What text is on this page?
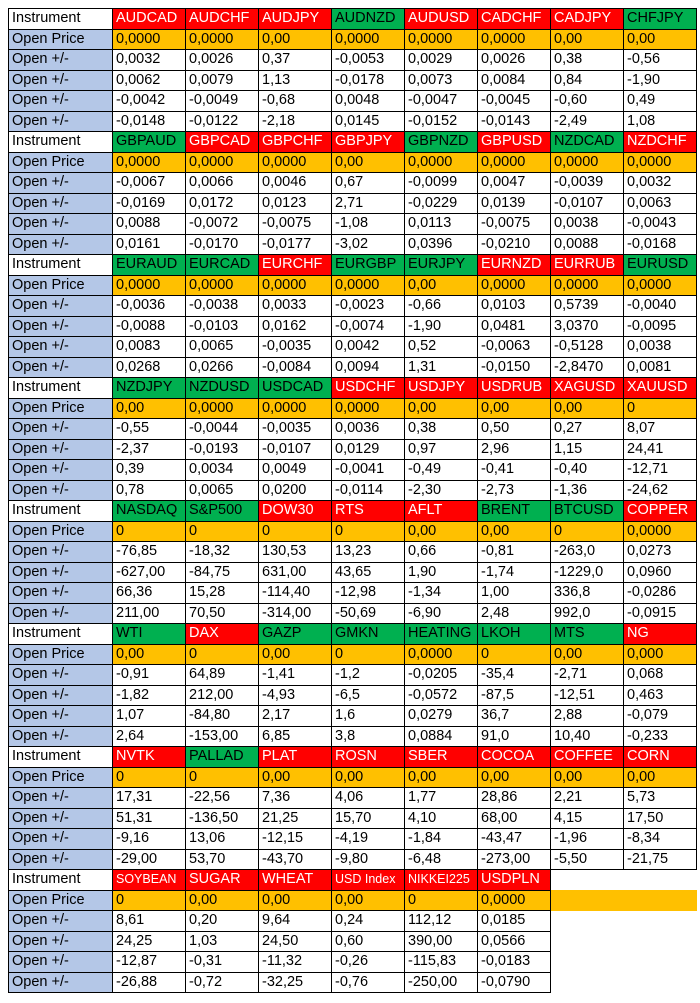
Instrument	AUDCAD	AUDCHF	AUDJPY	AUDNZD	AUDUSD	CADCHF	CADJPY	CHFJPY
Open Price	0,0000	0,0000	0,00	0,0000	0,0000	0,0000	0,00	0,00
Open +/-	0,0032	0,0026	0,37	-0,0053	0,0029	0,0026	0,38	-0,56
Open +/-	0,0062	0,0079	1,13	-0,0178	0,0073	0,0084	0,84	-1,90
Open +/-	-0,0042	-0,0049	-0,68	0,0048	-0,0047	-0,0045	-0,60	0,49
Open +/-	-0,0148	-0,0122	-2,18	0,0145	-0,0152	-0,0143	-2,49	1,08
Instrument	GBPAUD	GBPCAD	GBPCHF	GBPJPY	GBPNZD	GBPUSD	NZDCAD	NZDCHF
Open Price	0,0000	0,0000	0,0000	0,00	0,0000	0,0000	0,0000	0,0000
Open +/-	-0,0067	0,0066	0,0046	0,67	-0,0099	0,0047	-0,0039	0,0032
Open +/-	-0,0169	0,0172	0,0123	2,71	-0,0229	0,0139	-0,0107	0,0063
Open +/-	0,0088	-0,0072	-0,0075	-1,08	0,0113	-0,0075	0,0038	-0,0043
Open +/-	0,0161	-0,0170	-0,0177	-3,02	0,0396	-0,0210	0,0088	-0,0168
Instrument	EURAUD	EURCAD	EURCHF	EURGBP	EURJPY	EURNZD	EURRUB	EURUSD
Open Price	0,0000	0,0000	0,0000	0,0000	0,00	0,0000	0,0000	0,0000
Open +/-	-0,0036	-0,0038	0,0033	-0,0023	-0,66	0,0103	0,5739	-0,0040
Open +/-	-0,0088	-0,0103	0,0162	-0,0074	-1,90	0,0481	3,0370	-0,0095
Open +/-	0,0083	0,0065	-0,0035	0,0042	0,52	-0,0063	-0,5128	0,0038
Open +/-	0,0268	0,0266	-0,0084	0,0094	1,31	-0,0150	-2,8470	0,0081
Instrument	NZDJPY	NZDUSD	USDCAD	USDCHF	USDJPY	USDRUB	XAGUSD	XAUUSD
Open Price	0,00	0,0000	0,0000	0,0000	0,00	0,00	0,00	0
Open +/-	-0,55	-0,0044	-0,0035	0,0036	0,38	0,50	0,27	8,07
Open +/-	-2,37	-0,0193	-0,0107	0,0129	0,97	2,96	1,15	24,41
Open +/-	0,39	0,0034	0,0049	-0,0041	-0,49	-0,41	-0,40	-12,71
Open +/-	0,78	0,0065	0,0200	-0,0114	-2,30	-2,73	-1,36	-24,62
Instrument	NASDAQ	S&P500	DOW30	RTS	AFLT	BRENT	BTCUSD	COPPER
Open Price	0	0	0	0	0,00	0,00	0	0,0000
Open +/-	-76,85	-18,32	130,53	13,23	0,66	-0,81	-263,0	0,0273
Open +/-	-627,00	-84,75	631,00	43,65	1,90	-1,74	-1229,0	0,0960
Open +/-	66,36	15,28	-114,40	-12,98	-1,34	1,00	336,8	-0,0286
Open +/-	211,00	70,50	-314,00	-50,69	-6,90	2,48	992,0	-0,0915
Instrument	WTI	DAX	GAZP	GMKN	HEATING	LKOH	MTS	NG
Open Price	0,00	0	0,00	0	0,0000	0	0,00	0,000
Open +/-	-0,91	64,89	-1,41	-1,2	-0,0205	-35,4	-2,71	0,068
Open +/-	-1,82	212,00	-4,93	-6,5	-0,0572	-87,5	-12,51	0,463
Open +/-	1,07	-84,80	2,17	1,6	0,0279	36,7	2,88	-0,079
Open +/-	2,64	-153,00	6,85	3,8	0,0884	91,0	10,40	-0,233
Instrument	NVTK	PALLAD	PLAT	ROSN	SBER	COCOA	COFFEE	CORN
Open Price	0	0	0,00	0,00	0,00	0,00	0,00	0,00
Open +/-	17,31	-22,56	7,36	4,06	1,77	28,86	2,21	5,73
Open +/-	51,31	-136,50	21,25	15,70	4,10	68,00	4,15	17,50
Open +/-	-9,16	13,06	-12,15	-4,19	-1,84	-43,47	-1,96	-8,34
Open +/-	-29,00	53,70	-43,70	-9,80	-6,48	-273,00	-5,50	-21,75
Instrument	SOYBEAN	SUGAR	WHEAT	USD Index	NIKKEI225	USDPLN		
Open Price	0	0,00	0,00	0,00	0	0,0000		
Open +/-	8,61	0,20	9,64	0,24	112,12	0,0185		
Open +/-	24,25	1,03	24,50	0,60	390,00	0,0566		
Open +/-	-12,87	-0,31	-11,32	-0,26	-115,83	-0,0183		
Open +/-	-26,88	-0,72	-32,25	-0,76	-250,00	-0,0790		
